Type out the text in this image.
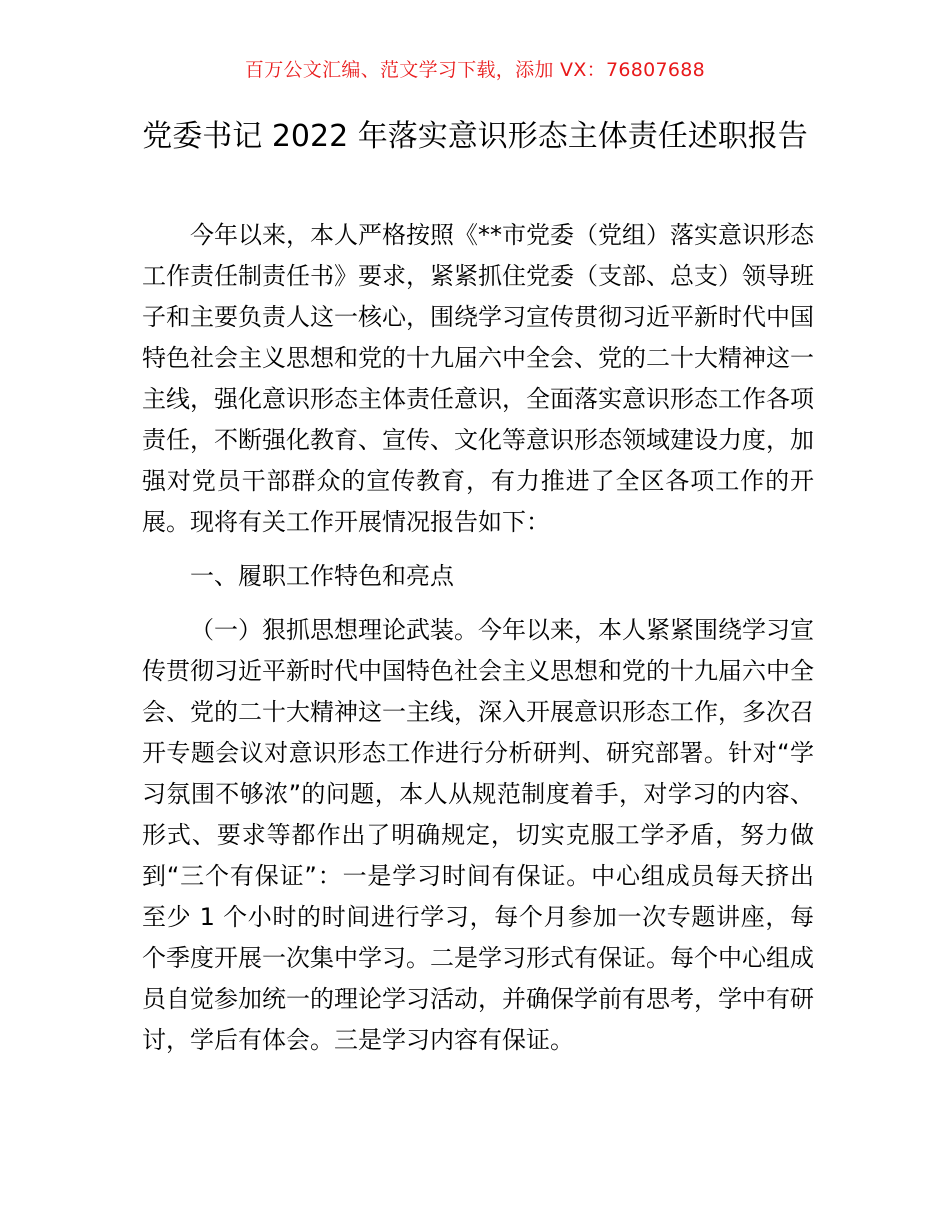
百万公文汇编、范文学习下载，添加 VX：76807688
党委书记 2022 年落实意识形态主体责任述职报告

今年以来，本人严格按照《**市党委（党组）落实意识形态工作责任制责任书》要求，紧紧抓住党委（支部、总支）领导班子和主要负责人这一核心，围绕学习宣传贯彻习近平新时代中国特色社会主义思想和党的十九届六中全会、党的二十大精神这一主线，强化意识形态主体责任意识，全面落实意识形态工作各项责任，不断强化教育、宣传、文化等意识形态领域建设力度，加强对党员干部群众的宣传教育，有力推进了全区各项工作的开展。现将有关工作开展情况报告如下：

一、履职工作特色和亮点

（一）狠抓思想理论武装。今年以来，本人紧紧围绕学习宣传贯彻习近平新时代中国特色社会主义思想和党的十九届六中全会、党的二十大精神这一主线，深入开展意识形态工作，多次召开专题会议对意识形态工作进行分析研判、研究部署。针对“学习氛围不够浓”的问题，本人从规范制度着手，对学习的内容、形式、要求等都作出了明确规定，切实克服工学矛盾，努力做到“三个有保证”：一是学习时间有保证。中心组成员每天挤出至少 1 个小时的时间进行学习，每个月参加一次专题讲座，每个季度开展一次集中学习。二是学习形式有保证。每个中心组成员自觉参加统一的理论学习活动，并确保学前有思考，学中有研讨，学后有体会。三是学习内容有保证。
